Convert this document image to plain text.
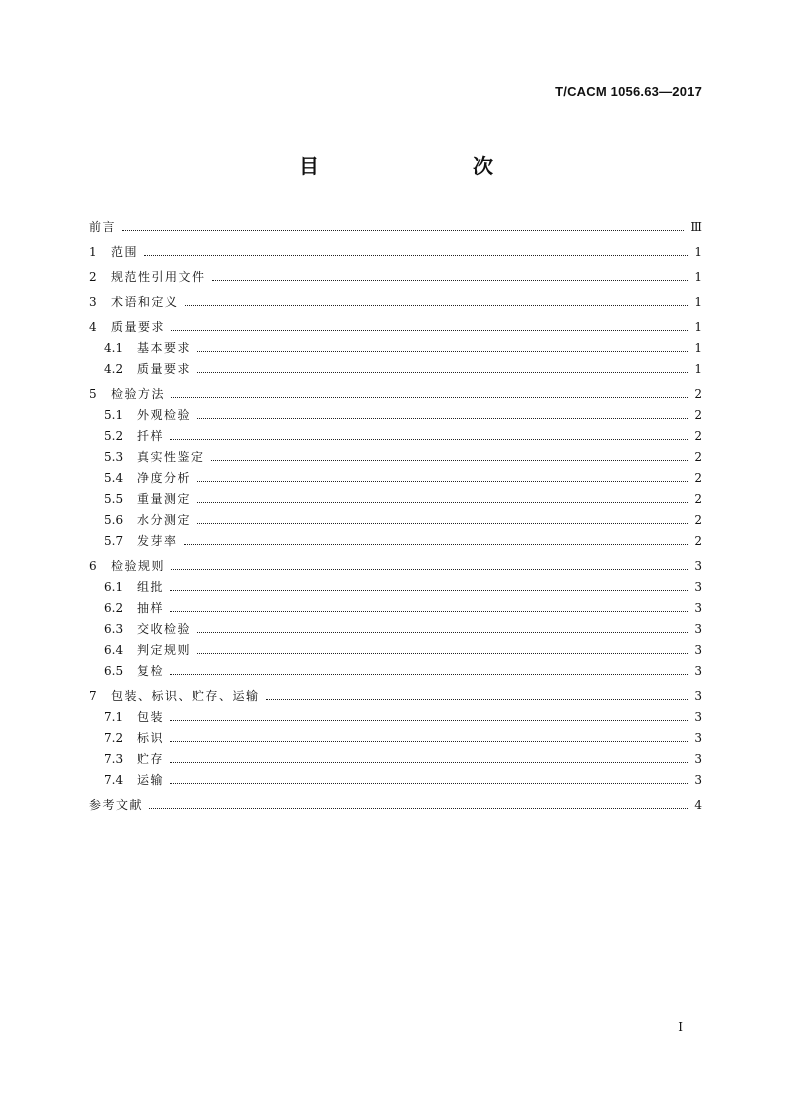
T/CACM 1056.63—2017
目　　次
前言	Ⅲ
1	范围	1
2	规范性引用文件	1
3	术语和定义	1
4	质量要求	1
4.1	基本要求	1
4.2	质量要求	1
5	检验方法	2
5.1	外观检验	2
5.2	扦样	2
5.3	真实性鉴定	2
5.4	净度分析	2
5.5	重量测定	2
5.6	水分测定	2
5.7	发芽率	2
6	检验规则	3
6.1	组批	3
6.2	抽样	3
6.3	交收检验	3
6.4	判定规则	3
6.5	复检	3
7	包装、标识、贮存、运输	3
7.1	包装	3
7.2	标识	3
7.3	贮存	3
7.4	运输	3
参考文献	4
Ⅰ
